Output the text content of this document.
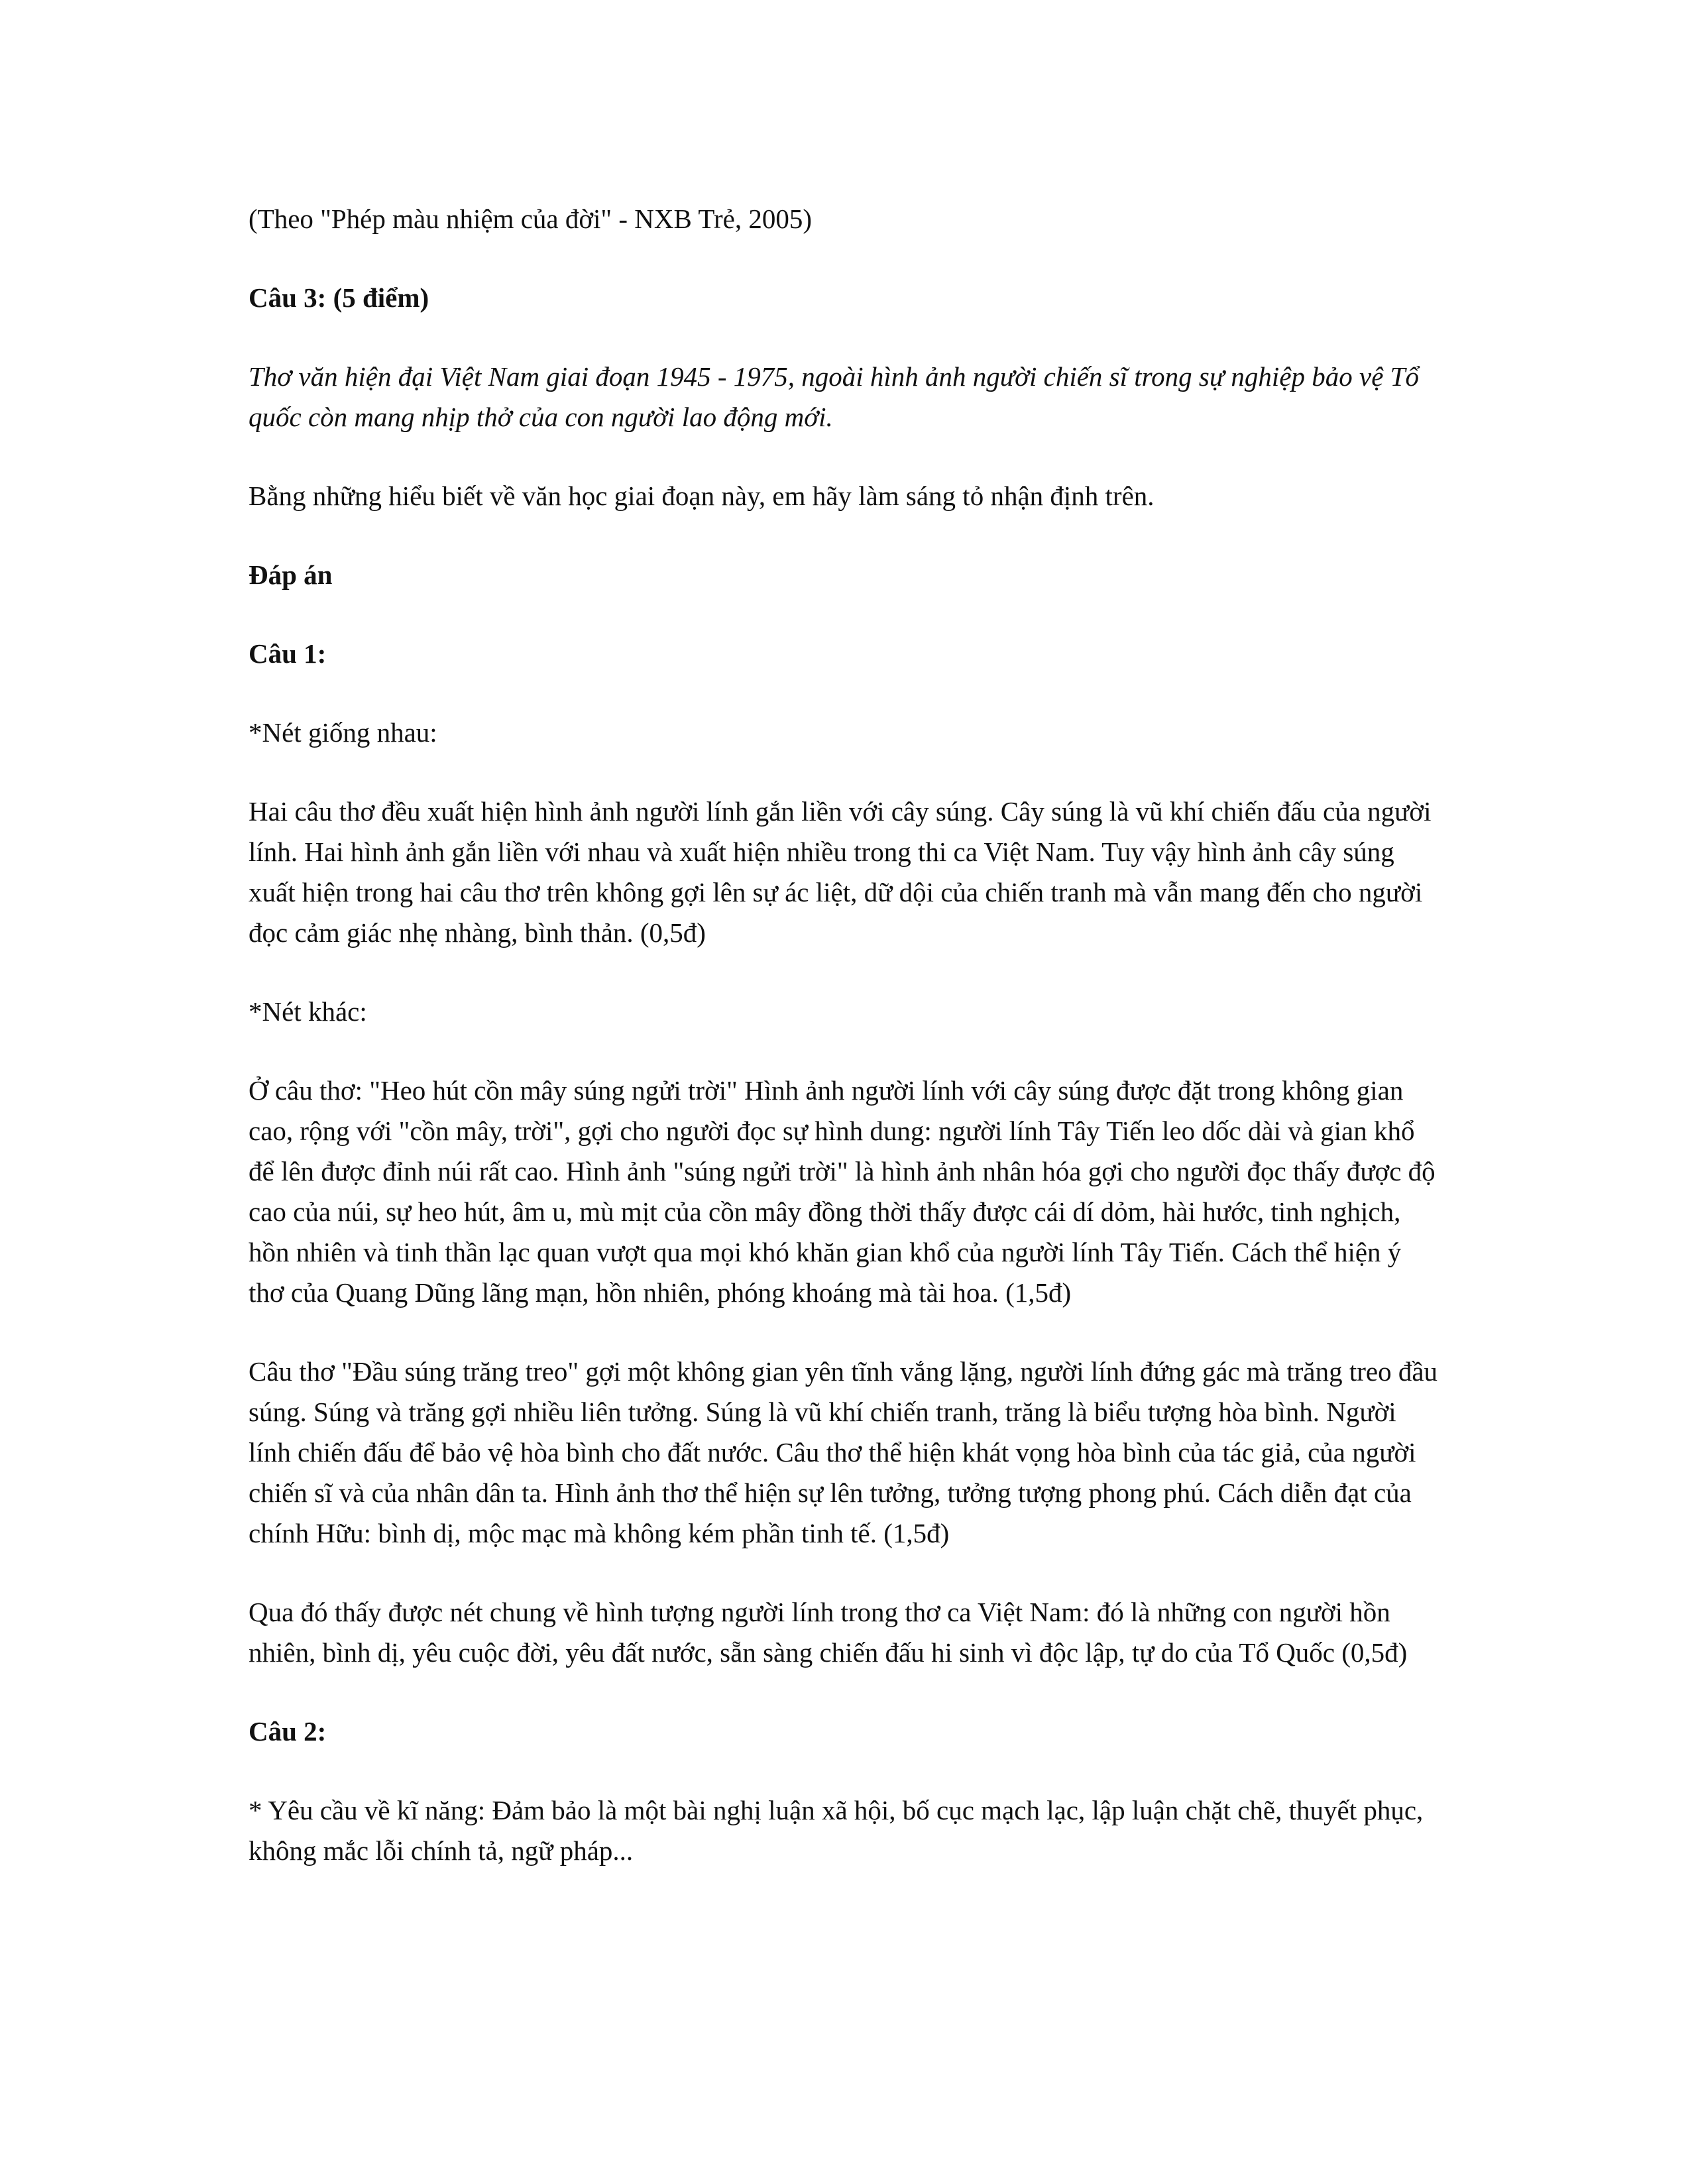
(Theo "Phép màu nhiệm của đời" - NXB Trẻ, 2005)

Câu 3: (5 điểm)

Thơ văn hiện đại Việt Nam giai đoạn 1945 - 1975, ngoài hình ảnh người chiến sĩ trong sự nghiệp bảo vệ Tổ quốc còn mang nhịp thở của con người lao động mới.

Bằng những hiểu biết về văn học giai đoạn này, em hãy làm sáng tỏ nhận định trên.

Đáp án

Câu 1:

*Nét giống nhau:

Hai câu thơ đều xuất hiện hình ảnh người lính gắn liền với cây súng. Cây súng là vũ khí chiến đấu của người lính. Hai hình ảnh gắn liền với nhau và xuất hiện nhiều trong thi ca Việt Nam. Tuy vậy hình ảnh cây súng xuất hiện trong hai câu thơ trên không gợi lên sự ác liệt, dữ dội của chiến tranh mà vẫn mang đến cho người đọc cảm giác nhẹ nhàng, bình thản. (0,5đ)

*Nét khác:

Ở câu thơ: "Heo hút cồn mây súng ngửi trời" Hình ảnh người lính với cây súng được đặt trong không gian cao, rộng với "cồn mây, trời", gợi cho người đọc sự hình dung: người lính Tây Tiến leo dốc dài và gian khổ để lên được đỉnh núi rất cao. Hình ảnh "súng ngửi trời" là hình ảnh nhân hóa gợi cho người đọc thấy được độ cao của núi, sự heo hút, âm u, mù mịt của cồn mây đồng thời thấy được cái dí dỏm, hài hước, tinh nghịch, hồn nhiên và tinh thần lạc quan vượt qua mọi khó khăn gian khổ của người lính Tây Tiến. Cách thể hiện ý thơ của Quang Dũng lãng mạn, hồn nhiên, phóng khoáng mà tài hoa. (1,5đ)

Câu thơ "Đầu súng trăng treo" gợi một không gian yên tĩnh vắng lặng, người lính đứng gác mà trăng treo đầu súng. Súng và trăng gợi nhiều liên tưởng. Súng là vũ khí chiến tranh, trăng là biểu tượng hòa bình. Người lính chiến đấu để bảo vệ hòa bình cho đất nước. Câu thơ thể hiện khát vọng hòa bình của tác giả, của người chiến sĩ và của nhân dân ta. Hình ảnh thơ thể hiện sự lên tưởng, tưởng tượng phong phú. Cách diễn đạt của chính Hữu: bình dị, mộc mạc mà không kém phần tinh tế. (1,5đ)

Qua đó thấy được nét chung về hình tượng người lính trong thơ ca Việt Nam: đó là những con người hồn nhiên, bình dị, yêu cuộc đời, yêu đất nước, sẵn sàng chiến đấu hi sinh vì độc lập, tự do của Tổ Quốc (0,5đ)

Câu 2:

* Yêu cầu về kĩ năng: Đảm bảo là một bài nghị luận xã hội, bố cục mạch lạc, lập luận chặt chẽ, thuyết phục, không mắc lỗi chính tả, ngữ pháp...
